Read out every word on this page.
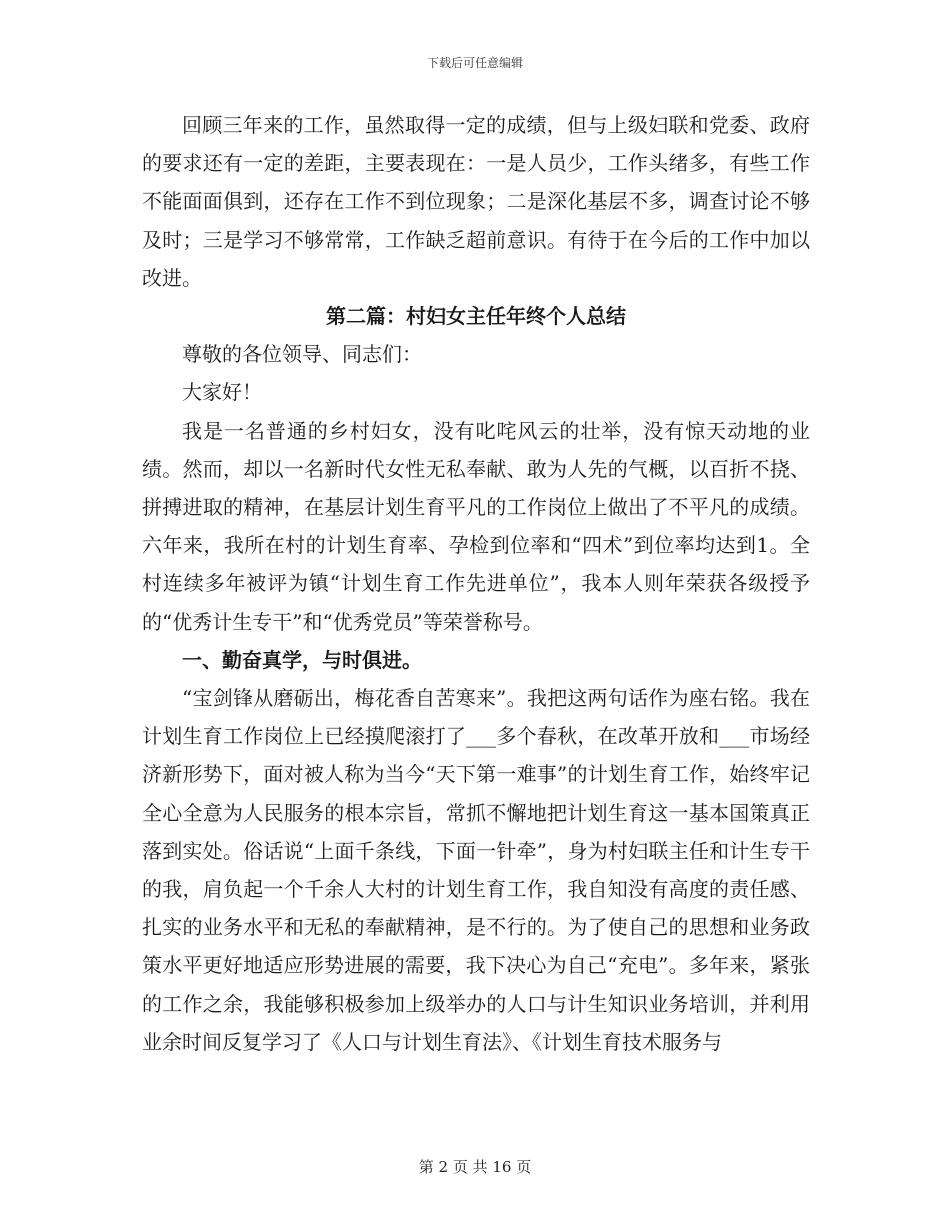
下载后可任意编辑

回顾三年来的工作，虽然取得一定的成绩，但与上级妇联和党委、政府的要求还有一定的差距，主要表现在：一是人员少，工作头绪多，有些工作不能面面俱到，还存在工作不到位现象；二是深化基层不多，调查讨论不够及时；三是学习不够常常，工作缺乏超前意识。有待于在今后的工作中加以改进。

第二篇：村妇女主任年终个人总结

尊敬的各位领导、同志们：

大家好！

我是一名普通的乡村妇女，没有叱咤风云的壮举，没有惊天动地的业绩。然而，却以一名新时代女性无私奉献、敢为人先的气概，以百折不挠、拼搏进取的精神，在基层计划生育平凡的工作岗位上做出了不平凡的成绩。六年来，我所在村的计划生育率、孕检到位率和“四术”到位率均达到1。全村连续多年被评为镇“计划生育工作先进单位”，我本人则年荣获各级授予的“优秀计生专干”和“优秀党员”等荣誉称号。

一、勤奋真学，与时俱进。

“宝剑锋从磨砺出，梅花香自苦寒来”。我把这两句话作为座右铭。我在计划生育工作岗位上已经摸爬滚打了___多个春秋，在改革开放和___市场经济新形势下，面对被人称为当今“天下第一难事”的计划生育工作，始终牢记全心全意为人民服务的根本宗旨，常抓不懈地把计划生育这一基本国策真正落到实处。俗话说“上面千条线，下面一针牵”，身为村妇联主任和计生专干的我，肩负起一个千余人大村的计划生育工作，我自知没有高度的责任感、扎实的业务水平和无私的奉献精神，是不行的。为了使自己的思想和业务政策水平更好地适应形势进展的需要，我下决心为自己“充电”。多年来，紧张的工作之余，我能够积极参加上级举办的人口与计生知识业务培训，并利用业余时间反复学习了《人口与计划生育法》、《计划生育技术服务与

第 2 页 共 16 页
